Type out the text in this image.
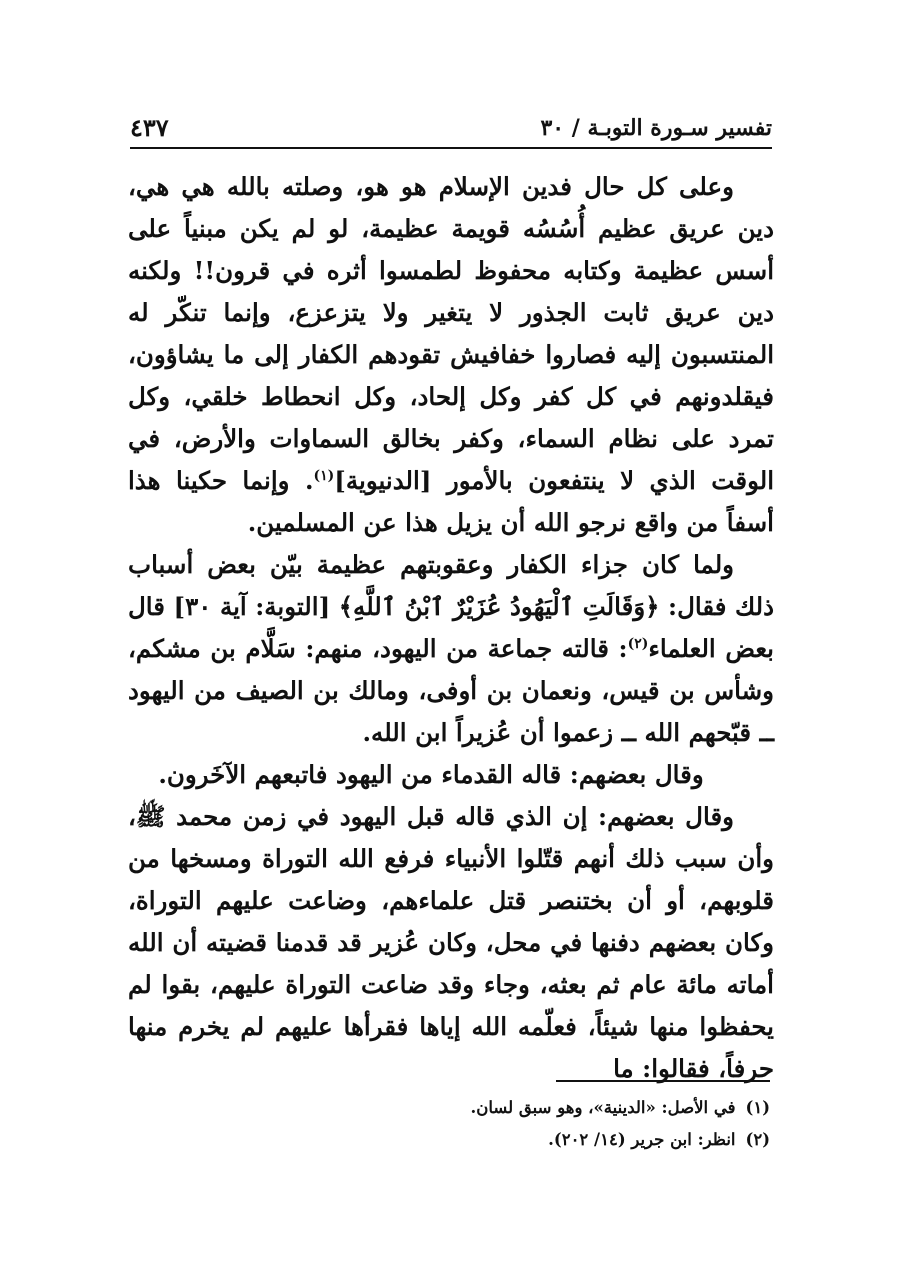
تفسير سـورة التوبـة / ٣٠
٤٣٧

وعلى كل حال فدين الإسلام هو هو، وصلته بالله هي هي، دين عريق عظيم أُسُسُه قويمة عظيمة، لو لم يكن مبنياً على أسس عظيمة وكتابه محفوظ لطمسوا أثره في قرون!! ولكنه دين عريق ثابت الجذور لا يتغير ولا يتزعزع، وإنما تنكّر له المنتسبون إليه فصاروا خفافيش تقودهم الكفار إلى ما يشاؤون، فيقلدونهم في كل كفر وكل إلحاد، وكل انحطاط خلقي، وكل تمرد على نظام السماء، وكفر بخالق السماوات والأرض، في الوقت الذي لا ينتفعون بالأمور [الدنيوية]$^{(١)}$. وإنما حكينا هذا أسفاً من واقع نرجو الله أن يزيل هذا عن المسلمين.

ولما كان جزاء الكفار وعقوبتهم عظيمة بيّن بعض أسباب ذلك فقال: ﴿وَقَالَتِ ٱلْيَهُودُ عُزَيْرٌ ٱبْنُ ٱللَّهِ﴾ [التوبة: آية ٣٠] قال بعض العلماء$^{(٢)}$: قالته جماعة من اليهود، منهم: سَلَّام بن مشكم، وشأس بن قيس، ونعمان بن أوفى، ومالك بن الصيف من اليهود ــ قبّحهم الله ــ زعموا أن عُزيراً ابن الله.

وقال بعضهم: قاله القدماء من اليهود فاتبعهم الآخَرون.

وقال بعضهم: إن الذي قاله قبل اليهود في زمن محمد ﷺ، وأن سبب ذلك أنهم قتّلوا الأنبياء فرفع الله التوراة ومسخها من قلوبهم، أو أن بختنصر قتل علماءهم، وضاعت عليهم التوراة، وكان بعضهم دفنها في محل، وكان عُزير قد قدمنا قضيته أن الله أماته مائة عام ثم بعثه، وجاء وقد ضاعت التوراة عليهم، بقوا لم يحفظوا منها شيئاً، فعلّمه الله إياها فقرأها عليهم لم يخرم منها حرفاً، فقالوا: ما

(١)في الأصل: «الدينية»، وهو سبق لسان.
(٢)انظر: ابن جرير (١٤/ ٢٠٢).
